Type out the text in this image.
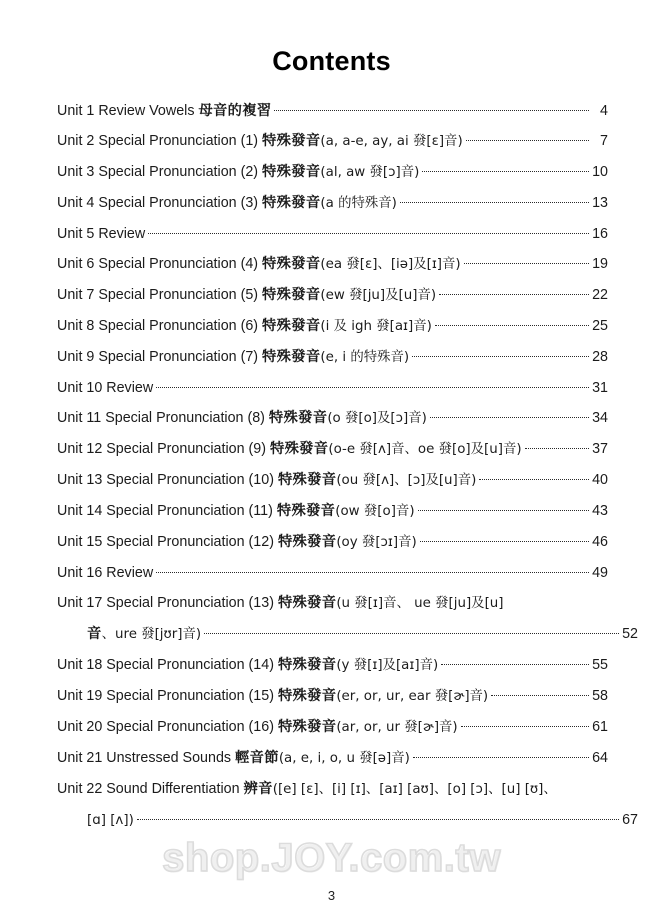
Contents
Unit 1 Review Vowels 母音的複習	4
Unit 2 Special Pronunciation (1) 特殊發音(a, a-e, ay, ai 發[ɛ]音)	7
Unit 3 Special Pronunciation (2) 特殊發音(al, aw 發[ɔ]音)	10
Unit 4 Special Pronunciation (3) 特殊發音(a 的特殊音)	13
Unit 5 Review	16
Unit 6 Special Pronunciation (4) 特殊發音(ea 發[ɛ]、[iə]及[ɪ]音)	19
Unit 7 Special Pronunciation (5) 特殊發音(ew 發[ju]及[u]音)	22
Unit 8 Special Pronunciation (6) 特殊發音(i 及 igh 發[aɪ]音)	25
Unit 9 Special Pronunciation (7) 特殊發音(e, i 的特殊音)	28
Unit 10 Review	31
Unit 11 Special Pronunciation (8) 特殊發音(o 發[o]及[ɔ]音)	34
Unit 12 Special Pronunciation (9) 特殊發音(o-e 發[ʌ]音、oe 發[o]及[u]音)	37
Unit 13 Special Pronunciation (10) 特殊發音(ou 發[ʌ]、[ɔ]及[u]音)	40
Unit 14 Special Pronunciation (11) 特殊發音(ow 發[o]音)	43
Unit 15 Special Pronunciation (12) 特殊發音(oy 發[ɔɪ]音)	46
Unit 16 Review	49
Unit 17 Special Pronunciation (13) 特殊發音(u 發[ɪ]音、 ue 發[ju]及[u]
音、ure 發[jʊr]音)	52
Unit 18 Special Pronunciation (14) 特殊發音(y 發[ɪ]及[aɪ]音)	55
Unit 19 Special Pronunciation (15) 特殊發音(er, or, ur, ear 發[ɚ]音)	58
Unit 20 Special Pronunciation (16) 特殊發音(ar, or, ur 發[ɚ]音)	61
Unit 21 Unstressed Sounds 輕音節(a, e, i, o, u 發[ə]音)	64
Unit 22 Sound Differentiation 辨音([e] [ɛ]、[i] [ɪ]、[aɪ] [aʊ]、[o] [ɔ]、[u] [ʊ]、
[ɑ] [ʌ])	67
shop.JOY.com.tw
3
